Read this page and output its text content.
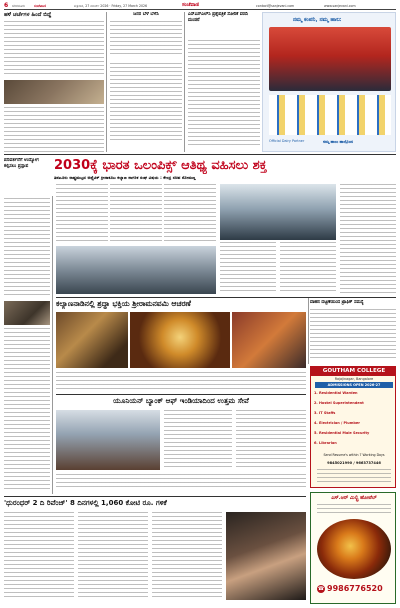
6 ಬೆಂಗಳೂರು	ಸಂಜೆವಾಣಿ	ಶುಕ್ರವಾರ, 27 ಮಾರ್ಚ್ 2026 · Friday, 27 March 2026	ಸಂಜೆವಾಣಿ	contact@sanjevani.com	www.sanjevani.com
ಹಳೆ ಚರ್ಚೆಗಳ ಹಿಂದೆ ಬಿದ್ದೆ	ಜನರ ಬೆಳೆ ಬೆಳೆಸಿ	ಎಸ್‌ಎಸ್‌ಎಲ್‌ಸಿ ಪ್ರಶ್ನೆಪತ್ರಿಕೆ ಸೋರಿಕೆ ವರದಿ ಮಂಡನೆ	ನಮ್ಮ ಕಂಪನಿ, ನಮ್ಮ ಹಾಲು
Official Dairy Partner	ನಮ್ಮ ಹಾಲು ಹಾಲ್ಗೊಂಡ
ಪರಿವರ್ತನೆಗೆ ಉದ್ಯೋಗ ಕಲ್ಪಿಸಲು ಪ್ರಸ್ತಾಪ	2030ಕ್ಕೆ ಭಾರತ ಒಲಂಪಿಕ್ಸ್ ಆತಿಥ್ಯ ವಹಿಸಲು ಶಕ್ತ
ತಿಪಟೂರು ರಾಷ್ಟ್ರಮಟ್ಟದ ಅಥ್ಲೆಟಿಕ್ ಕ್ರೀಡಾಕೂಟ ಕಲ್ಯಾಣ ನಾಗರಿಕ ಸಂಘ ವಿಷಯ : ಕೇಂದ್ರ ಸಚಿವ ಸೋಮಣ್ಣ
ಕಲ್ಯಾಣನಾಡಿನಲ್ಲಿ ಶ್ರದ್ಧಾ ಭಕ್ತಿಯ ಶ್ರೀರಾಮನವಮಿ ಆಚರಣೆ	ವಾಹನ ದಟ್ಟಣೆಯಿಂದ ಟ್ರಾಫಿಕ್ ಸಮಸ್ಯೆ
GOUTHAM COLLEGE
Rajajinagar, Bangalore
ADMISSIONS OPEN 2026-27
1. Residential Warden
2. Hostel Superintendent
3. IT Staffs
4. Electrician / Plumber
5. Residential Male Security
6. Librarian
Send Resume's within 7 Working Days
9845021990 / 9663737446
ಯೂನಿಯನ್ ಬ್ಯಾಂಕ್ ಆಫ್ ಇಂಡಿಯಾದಿಂದ ಉತ್ತಮ ಸೇವೆ
'ಧುರಂಧರ್ 2 ದಿ ರಿವೆಂಜ್' 8 ದಿನಗಳಲ್ಲಿ 1,060 ಕೋಟಿ ರೂ. ಗಳಿಕೆ
ಎಸ್.ಆರ್ ಮಿಲ್ಟ್ರಿ ಹೋಟೆಲ್
☎ 9986776520
